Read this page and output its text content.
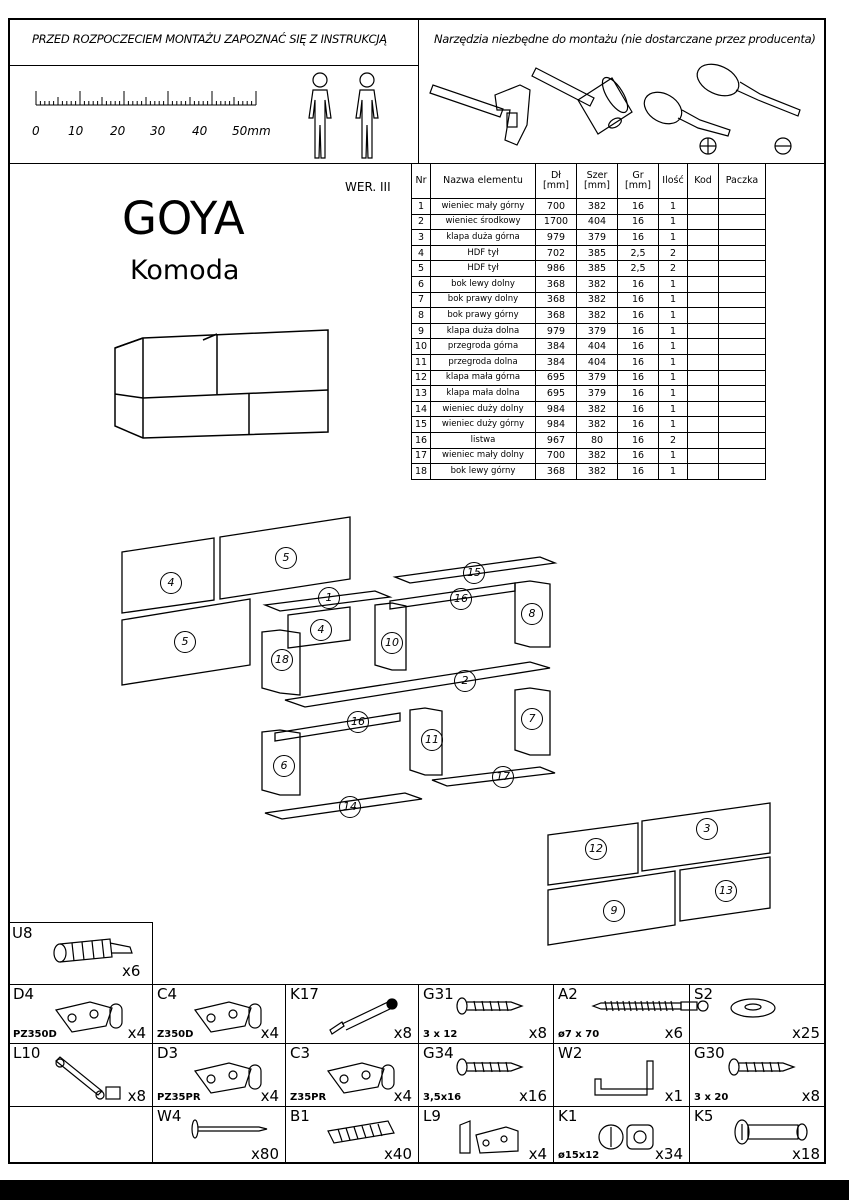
PRZED ROZPOCZECIEM MONTAŻU ZAPOZNAĆ SIĘ Z INSTRUKCJĄ	Narzędzia niezbędne do montażu (nie dostarczane przez producenta)
0 10 20 30 40 50mm
GOYA
Komoda
WER. III	Nr	Nazwa elementu	Dł [mm]	Szer [mm]	Gr [mm]	Ilość	Kod	Paczka
1	wieniec mały górny	700	382	16	1		
2	wieniec środkowy	1700	404	16	1		
3	klapa duża górna	979	379	16	1		
4	HDF tył	702	385	2,5	2		
5	HDF tył	986	385	2,5	2		
6	bok lewy dolny	368	382	16	1		
7	bok prawy dolny	368	382	16	1		
8	bok prawy górny	368	382	16	1		
9	klapa duża dolna	979	379	16	1		
10	przegroda górna	384	404	16	1		
11	przegroda dolna	384	404	16	1		
12	klapa mała górna	695	379	16	1		
13	klapa mała dolna	695	379	16	1		
14	wieniec duży dolny	984	382	16	1		
15	wieniec duży górny	984	382	16	1		
16	listwa	967	80	16	2		
17	wieniec mały dolny	700	382	16	1		
18	bok lewy górny	368	382	16	1		
4
5
5
12
3
9
13
15
1	16
4
18
10
8
2
16
11
7
6
14
17
U8
x6
D4
PZ350D	x4
C4
Z350D	x4
K17
x8
G31
3 x 12	x8
A2
ø7 x 70	x6
S2
x25
L10
x8
D3
PZ35PR	x4
C3
Z35PR	x4
G34
3,5x16	x16
W2
x1
G30
3 x 20	x8
W4
x80
B1
x40
L9
x4
K1
ø15x12	x34
K5
x18
